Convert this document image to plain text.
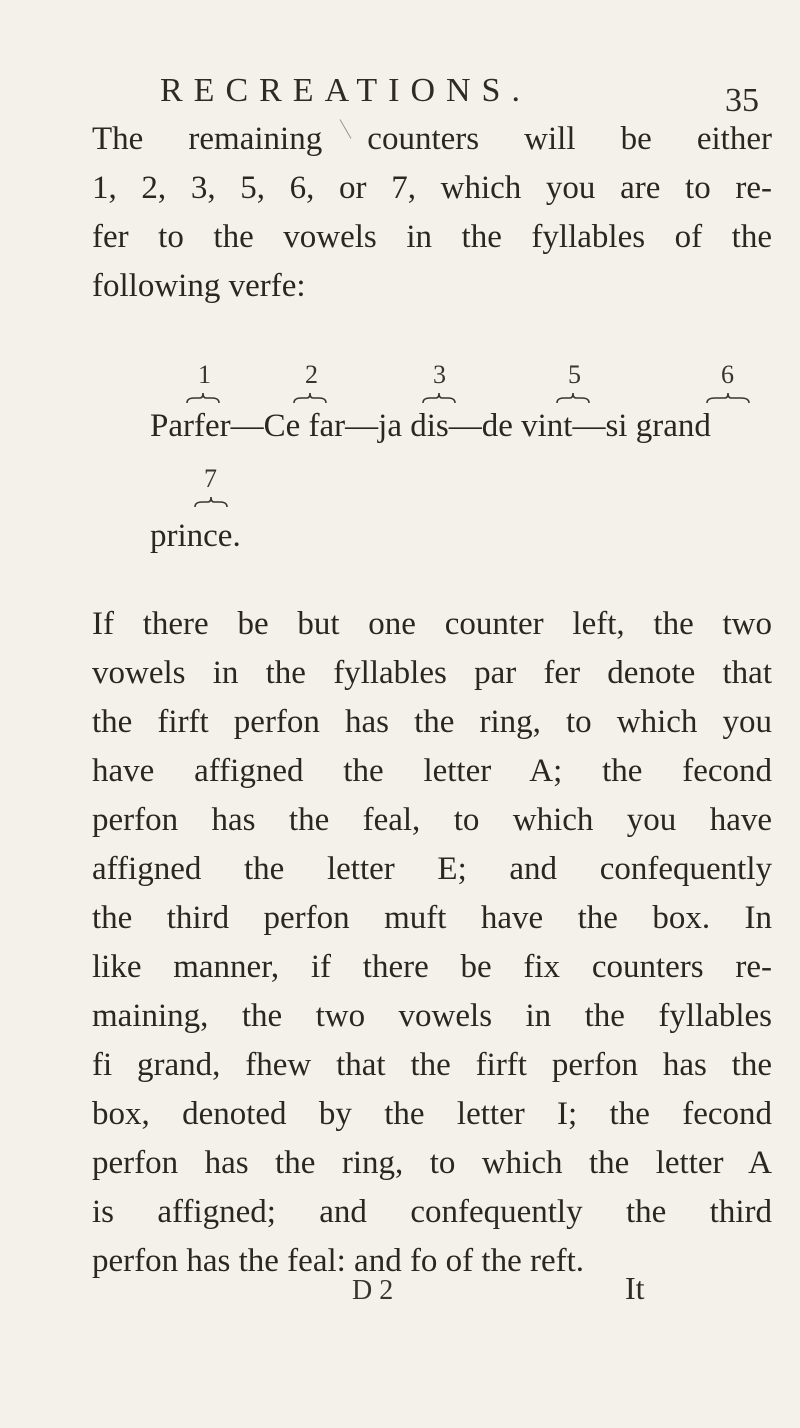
RECREATIONS.	35
The remaining counters will be either
1, 2, 3, 5, 6, or 7, which you are to re-
fer to the vowels in the fyllables of the
following verfe:
1	2	3	5	6
Parfer—Ce far—ja dis—de vint—si grand
7
prince.
If there be but one counter left, the two
vowels in the fyllables par fer denote that
the firft perfon has the ring, to which you
have affigned the letter A; the fecond
perfon has the feal, to which you have
affigned the letter E; and confequently
the third perfon muft have the box. In
like manner, if there be fix counters re-
maining, the two vowels in the fyllables
fi grand, fhew that the firft perfon has the
box, denoted by the letter I; the fecond
perfon has the ring, to which the letter A
is affigned; and confequently the third
perfon has the feal: and fo of the reft.
D 2	It
